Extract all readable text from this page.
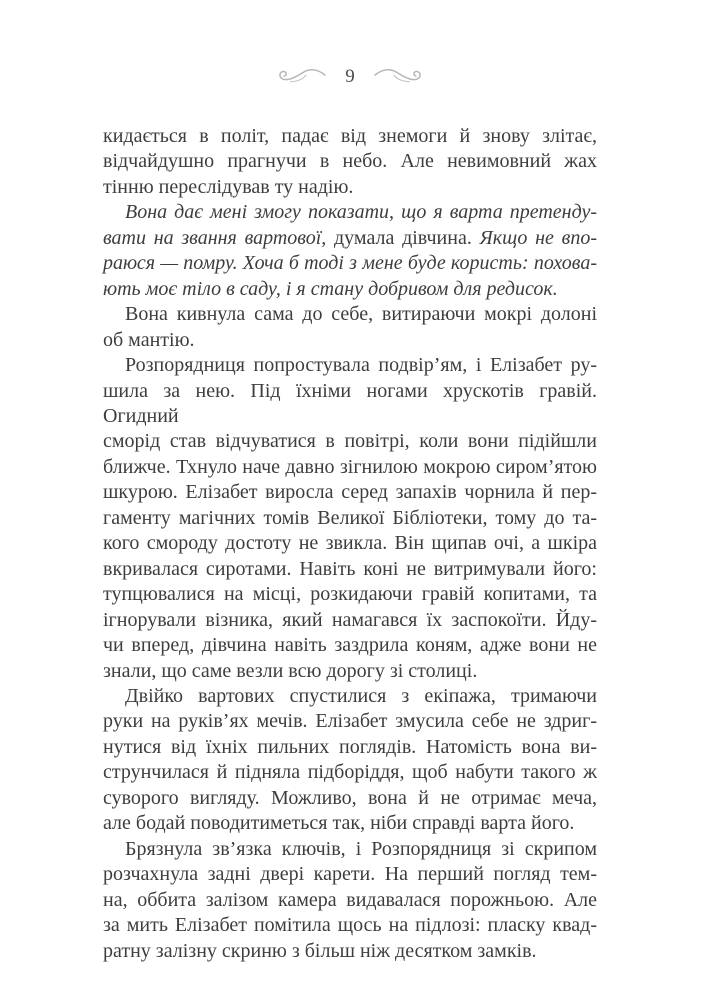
9
кидається в політ, падає від знемоги й знову злітає,
відчайдушно прагнучи в небо. Але невимовний жах
тінню переслідував ту надію.
Вона дає мені змогу показати, що я варта претенду-
вати на звання вартової, думала дівчина. Якщо не впо-
раюся — помру. Хоча б тоді з мене буде користь: похова-
ють моє тіло в саду, і я стану добривом для редисок.
Вона кивнула сама до себе, витираючи мокрі долоні
об мантію.
Розпорядниця попростувала подвір’ям, і Елізабет ру-
шила за нею. Під їхніми ногами хрускотів гравій. Огидний
сморід став відчуватися в повітрі, коли вони підійшли
ближче. Тхнуло наче давно зігнилою мокрою сиром’ятою
шкурою. Елізабет виросла серед запахів чорнила й пер-
гаменту магічних томів Великої Бібліотеки, тому до та-
кого смороду достоту не звикла. Він щипав очі, а шкіра
вкривалася сиротами. Навіть коні не витримували його:
тупцювалися на місці, розкидаючи гравій копитами, та
ігнорували візника, який намагався їх заспокоїти. Йду-
чи вперед, дівчина навіть заздрила коням, адже вони не
знали, що саме везли всю дорогу зі столиці.
Двійко вартових спустилися з екіпажа, тримаючи
руки на руків’ях мечів. Елізабет змусила себе не здриг-
нутися від їхніх пильних поглядів. Натомість вона ви-
струнчилася й підняла підборіддя, щоб набути такого ж
суворого вигляду. Можливо, вона й не отримає меча,
але бодай поводитиметься так, ніби справді варта його.
Брязнула зв’язка ключів, і Розпорядниця зі скрипом
розчахнула задні двері карети. На перший погляд тем-
на, оббита залізом камера видавалася порожньою. Але
за мить Елізабет помітила щось на підлозі: пласку квад-
ратну залізну скриню з більш ніж десятком замків.
